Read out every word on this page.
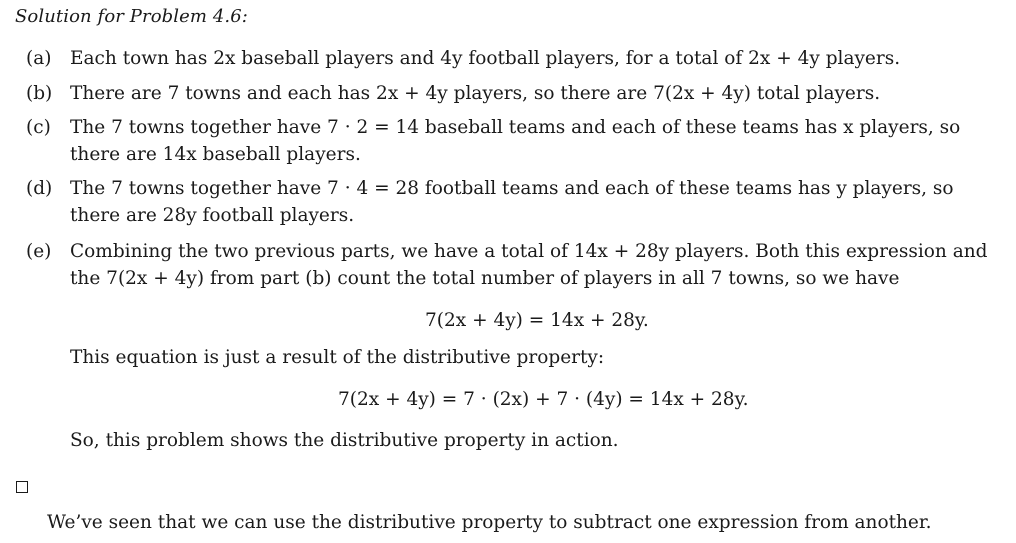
Solution for Problem 4.6:
(a) Each town has 2x baseball players and 4y football players, for a total of 2x + 4y players.
(b) There are 7 towns and each has 2x + 4y players, so there are 7(2x + 4y) total players.
(c) The 7 towns together have 7 · 2 = 14 baseball teams and each of these teams has x players, so there are 14x baseball players.
(d) The 7 towns together have 7 · 4 = 28 football teams and each of these teams has y players, so there are 28y football players.
(e) Combining the two previous parts, we have a total of 14x + 28y players. Both this expression and the 7(2x + 4y) from part (b) count the total number of players in all 7 towns, so we have
7(2x + 4y) = 14x + 28y.
This equation is just a result of the distributive property:
7(2x + 4y) = 7 · (2x) + 7 · (4y) = 14x + 28y.
So, this problem shows the distributive property in action.
We’ve seen that we can use the distributive property to subtract one expression from another.
